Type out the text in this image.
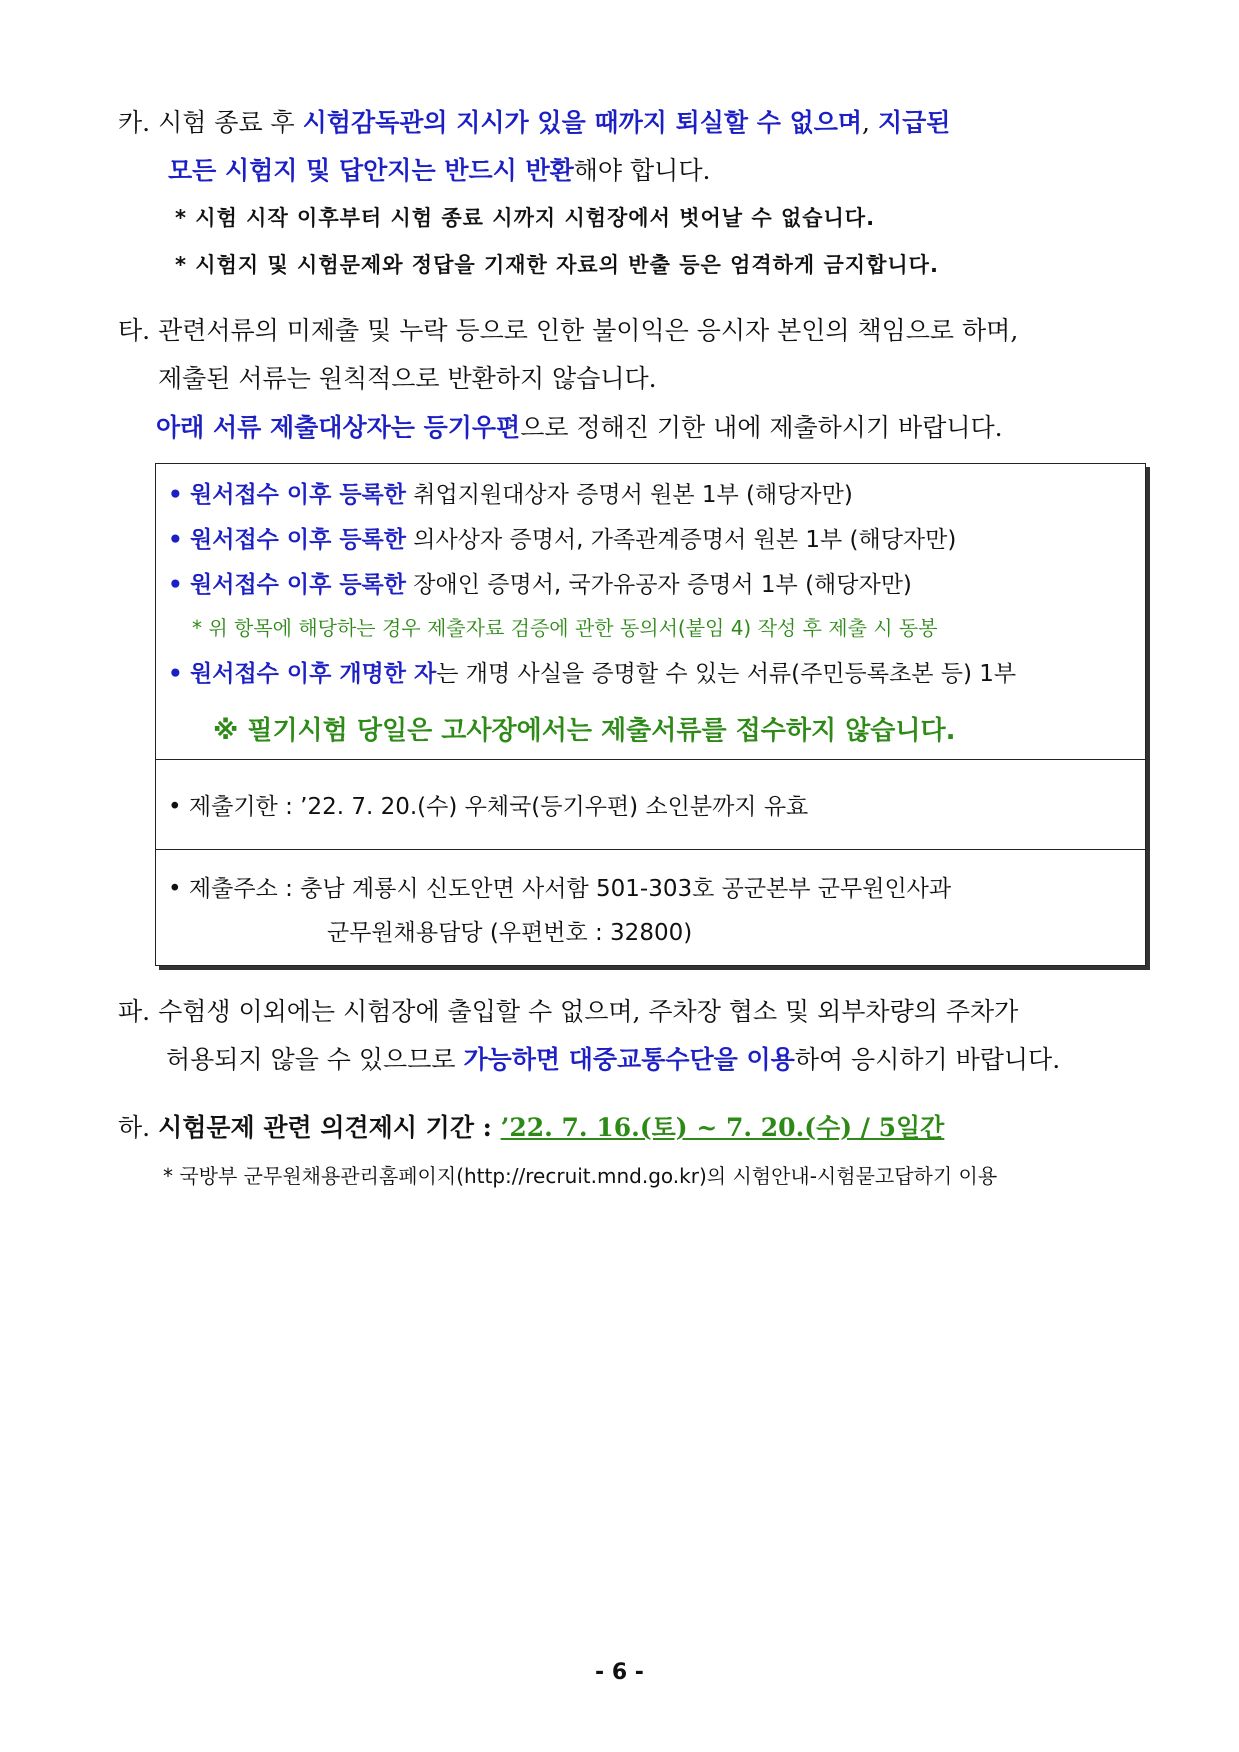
카. 시험 종료 후 시험감독관의 지시가 있을 때까지 퇴실할 수 없으며, 지급된
모든 시험지 및 답안지는 반드시 반환해야 합니다.
* 시험 시작 이후부터 시험 종료 시까지 시험장에서 벗어날 수 없습니다.
* 시험지 및 시험문제와 정답을 기재한 자료의 반출 등은 엄격하게 금지합니다.
타. 관련서류의 미제출 및 누락 등으로 인한 불이익은 응시자 본인의 책임으로 하며,
제출된 서류는 원칙적으로 반환하지 않습니다.
아래 서류 제출대상자는 등기우편으로 정해진 기한 내에 제출하시기 바랍니다.
• 원서접수 이후 등록한 취업지원대상자 증명서 원본 1부 (해당자만)
• 원서접수 이후 등록한 의사상자 증명서, 가족관계증명서 원본 1부 (해당자만)
• 원서접수 이후 등록한 장애인 증명서, 국가유공자 증명서 1부 (해당자만)
* 위 항목에 해당하는 경우 제출자료 검증에 관한 동의서(붙임 4) 작성 후 제출 시 동봉
• 원서접수 이후 개명한 자는 개명 사실을 증명할 수 있는 서류(주민등록초본 등) 1부
※ 필기시험 당일은 고사장에서는 제출서류를 접수하지 않습니다.
• 제출기한 : ’22. 7. 20.(수) 우체국(등기우편) 소인분까지 유효
• 제출주소 : 충남 계룡시 신도안면 사서함 501-303호 공군본부 군무원인사과
군무원채용담당 (우편번호 : 32800)
파. 수험생 이외에는 시험장에 출입할 수 없으며, 주차장 협소 및 외부차량의 주차가
허용되지 않을 수 있으므로 가능하면 대중교통수단을 이용하여 응시하기 바랍니다.
하. 시험문제 관련 의견제시 기간 : ’22. 7. 16.(토) ~ 7. 20.(수) / 5일간
* 국방부 군무원채용관리홈페이지(http://recruit.mnd.go.kr)의 시험안내-시험묻고답하기 이용
- 6 -
